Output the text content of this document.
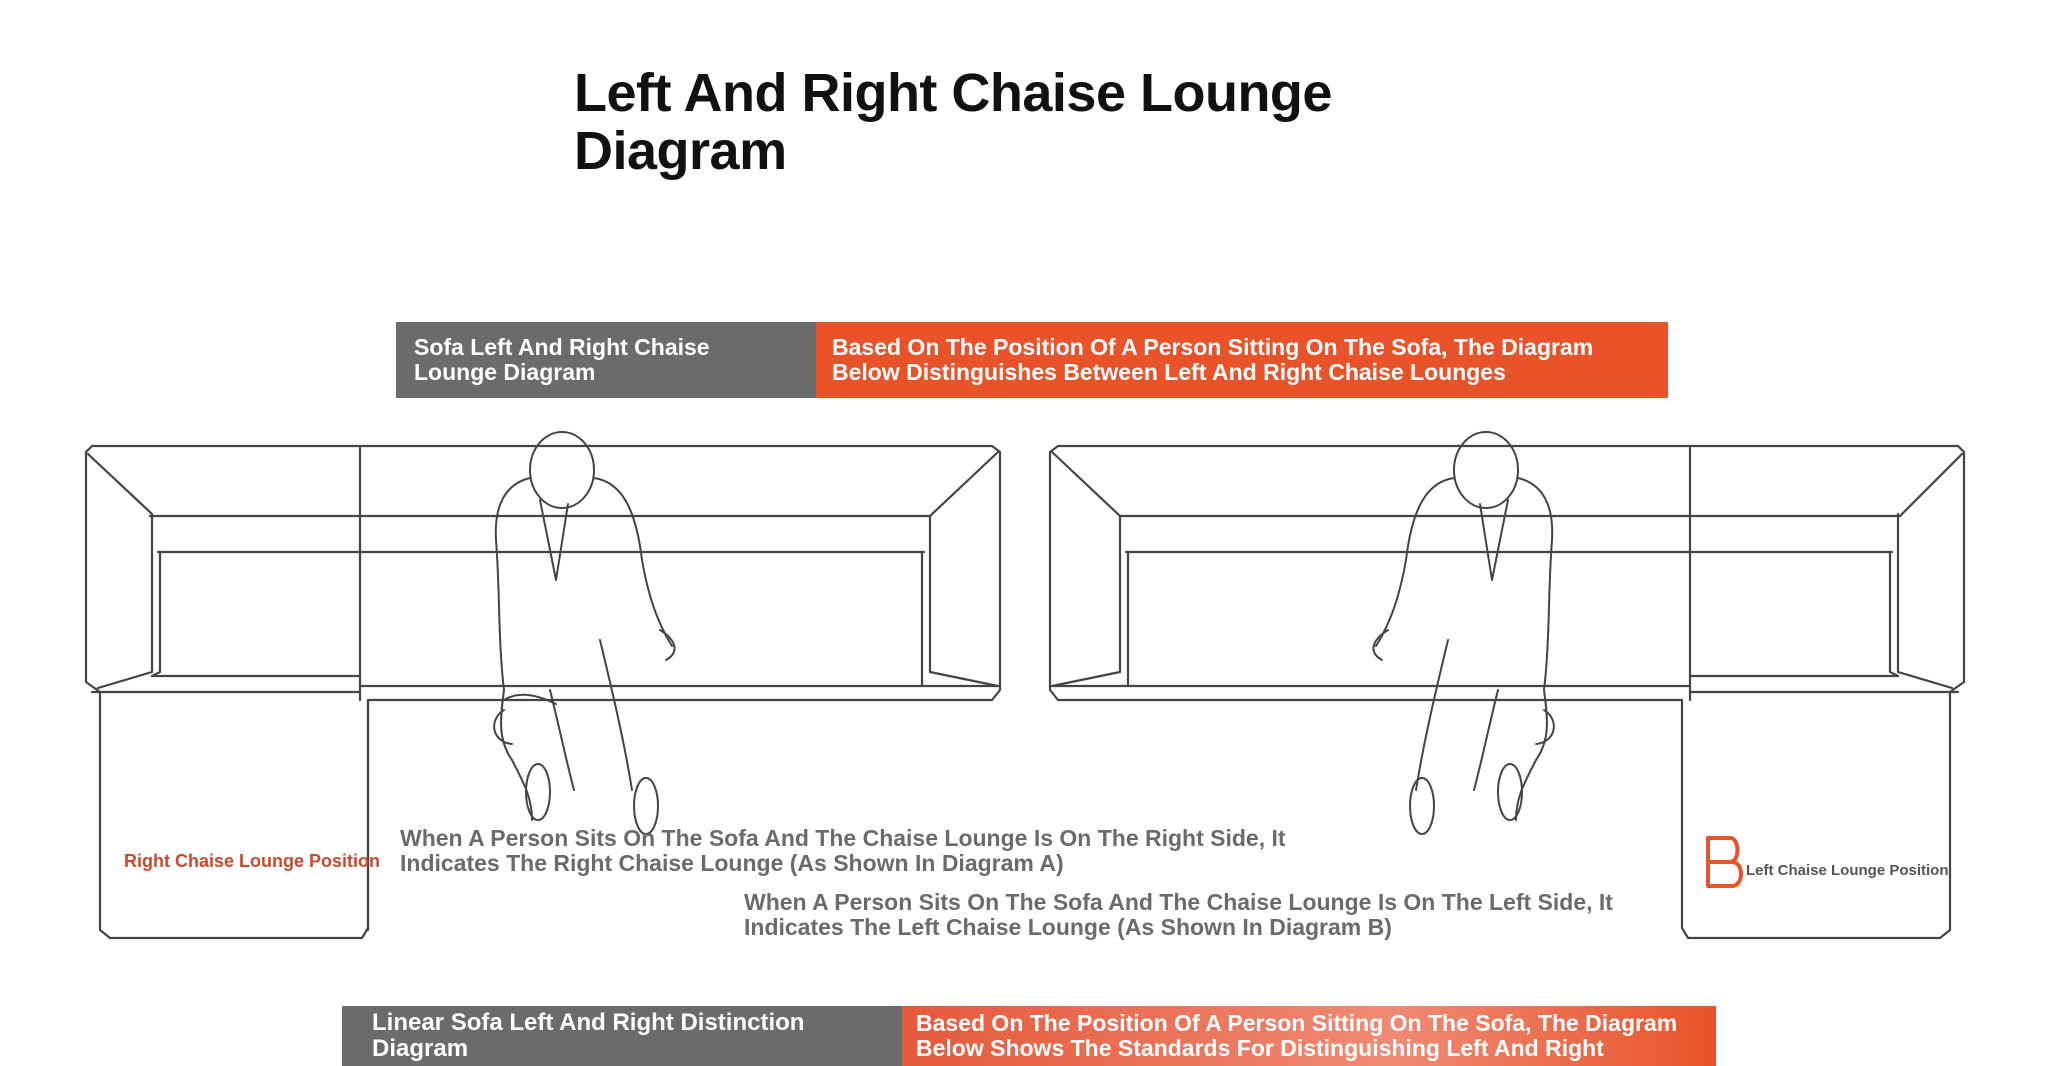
Left And Right Chaise Lounge Diagram
Sofa Left And Right Chaise Lounge Diagram
Based On The Position Of A Person Sitting On The Sofa, The Diagram Below Distinguishes Between Left And Right Chaise Lounges
Right Chaise Lounge Position
When A Person Sits On The Sofa And The Chaise Lounge Is On The Right Side, It Indicates The Right Chaise Lounge (As Shown In Diagram A)
When A Person Sits On The Sofa And The Chaise Lounge Is On The Left Side, It Indicates The Left Chaise Lounge (As Shown In Diagram B)
Left Chaise Lounge Position
Linear Sofa Left And Right Distinction Diagram
Based On The Position Of A Person Sitting On The Sofa, The Diagram Below Shows The Standards For Distinguishing Left And Right
